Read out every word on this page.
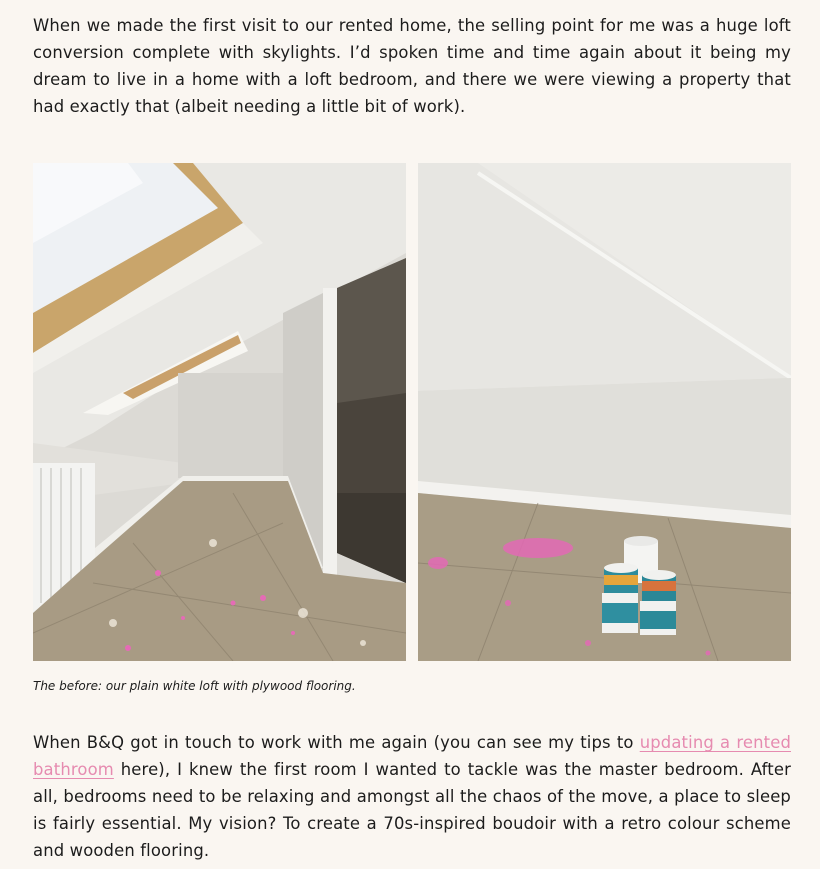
When we made the first visit to our rented home, the selling point for me was a huge loft conversion complete with skylights. I’d spoken time and time again about it being my dream to live in a home with a loft bedroom, and there we were viewing a property that had exactly that (albeit needing a little bit of work).

The before: our plain white loft with plywood flooring.

When B&Q got in touch to work with me again (you can see my tips to updating a rented bathroom here), I knew the first room I wanted to tackle was the master bedroom. After all, bedrooms need to be relaxing and amongst all the chaos of the move, a place to sleep is fairly essential. My vision? To create a 70s-inspired boudoir with a retro colour scheme and wooden flooring.
